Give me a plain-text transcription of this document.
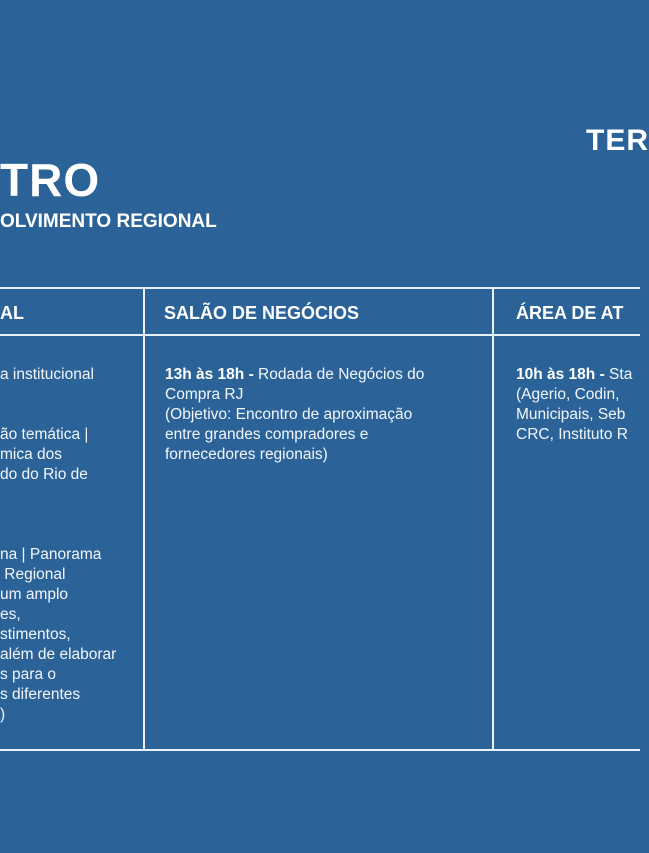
TRO
OLVIMENTO REGIONAL
TER
AL	SALÃO DE NEGÓCIOS	ÁREA DE AT
a institucional

ão temática |
mica dos
do do Rio de

na | Panorama
Regional
um amplo
es,
stimentos,
além de elaborar
s para o
s diferentes
)
13h às 18h - Rodada de Negócios do
Compra RJ
(Objetivo: Encontro de aproximação
entre grandes compradores e
fornecedores regionais)
10h às 18h - Sta
(Agerio, Codin,
Municipais, Seb
CRC, Instituto R
